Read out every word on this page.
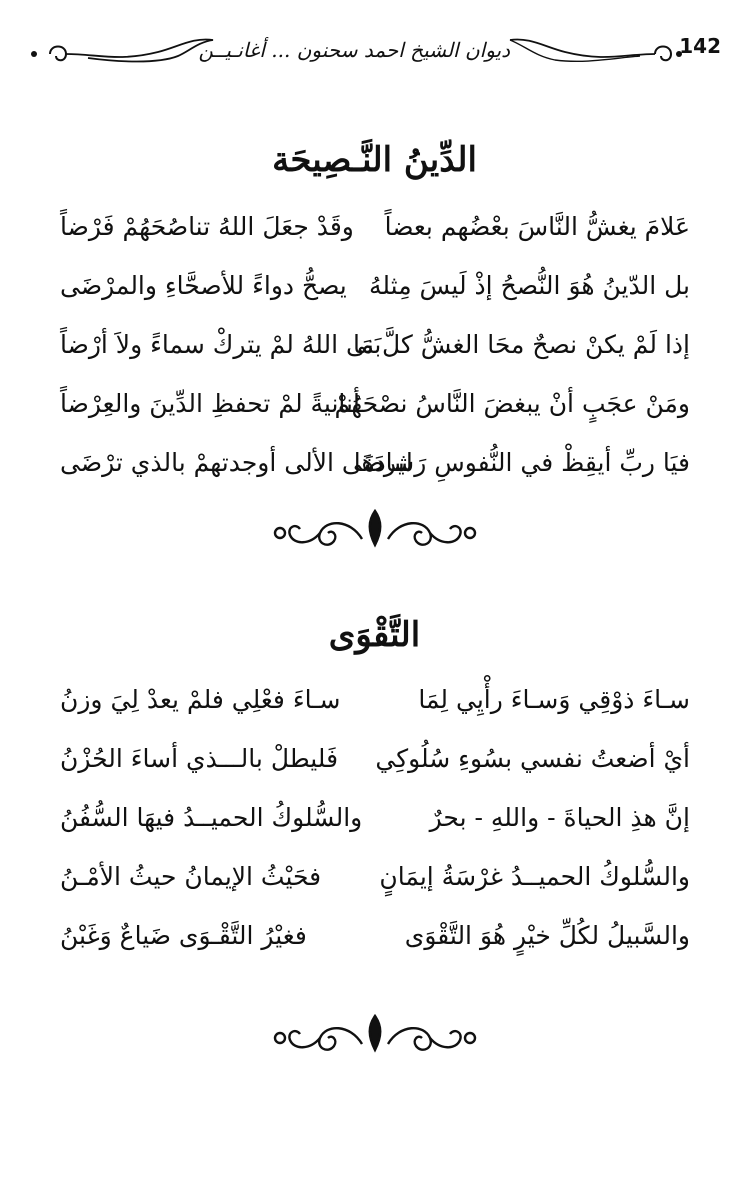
ديوان الشيخ احمد سحنون ... أغانـيــن	142
الدِّينُ النَّـصِيحَة
عَلامَ يغشُّ النَّاسَ بعْضُهم بعضاً
وقَدْ جعَلَ اللهُ تناصُحَهُمْ فَرْضاً
بل الدّينُ هُوَ النُّصحُ إذْ لَيسَ مِثلهُ
يصحُّ دواءً للأصحَّاءِ والمرْضَى
إذا لَمْ يكنْ نصحٌ محَا الغشُّ كلَّ مَا
بَنى اللهُ لمْ يتركْ سماءً ولاَ أرْضاً
ومَنْ عجَبٍ أنْ يبغضَ النَّاسُ نصْحَهُمْ
أنانيةً لمْ تحفظِ الدِّينَ والعِرْضاً
فيَا ربِّ أيقِظْ في النُّفوسِ رَشادَهَا
ليرضَى الألى أوجدتهمْ بالذي ترْضَى
التَّقْوَى
سـاءَ ذوْقِي وَسـاءَ رأْيِي لِمَا
سـاءَ فعْلِي فلمْ يعدْ لِيَ وزنُ
أيْ أضعتُ نفسي بسُوءِ سُلُوكِي
فَليطلْ بالـــذي أساءَ الحُزْنُ
إنَّ هذِ الحياةَ - واللهِ - بحرٌ
والسُّلوكُ الحميــدُ فيهَا السُّفُنُ
والسُّلوكُ الحميــدُ غرْسَةُ إيمَانٍ
فحَيْثُ الإيمانُ حيثُ الأمْـنُ
والسَّبيلُ لكُلِّ خيْرٍ هُوَ التَّقْوَى
فغيْرُ التَّقْـوَى ضَياعٌ وَغَبْنُ
